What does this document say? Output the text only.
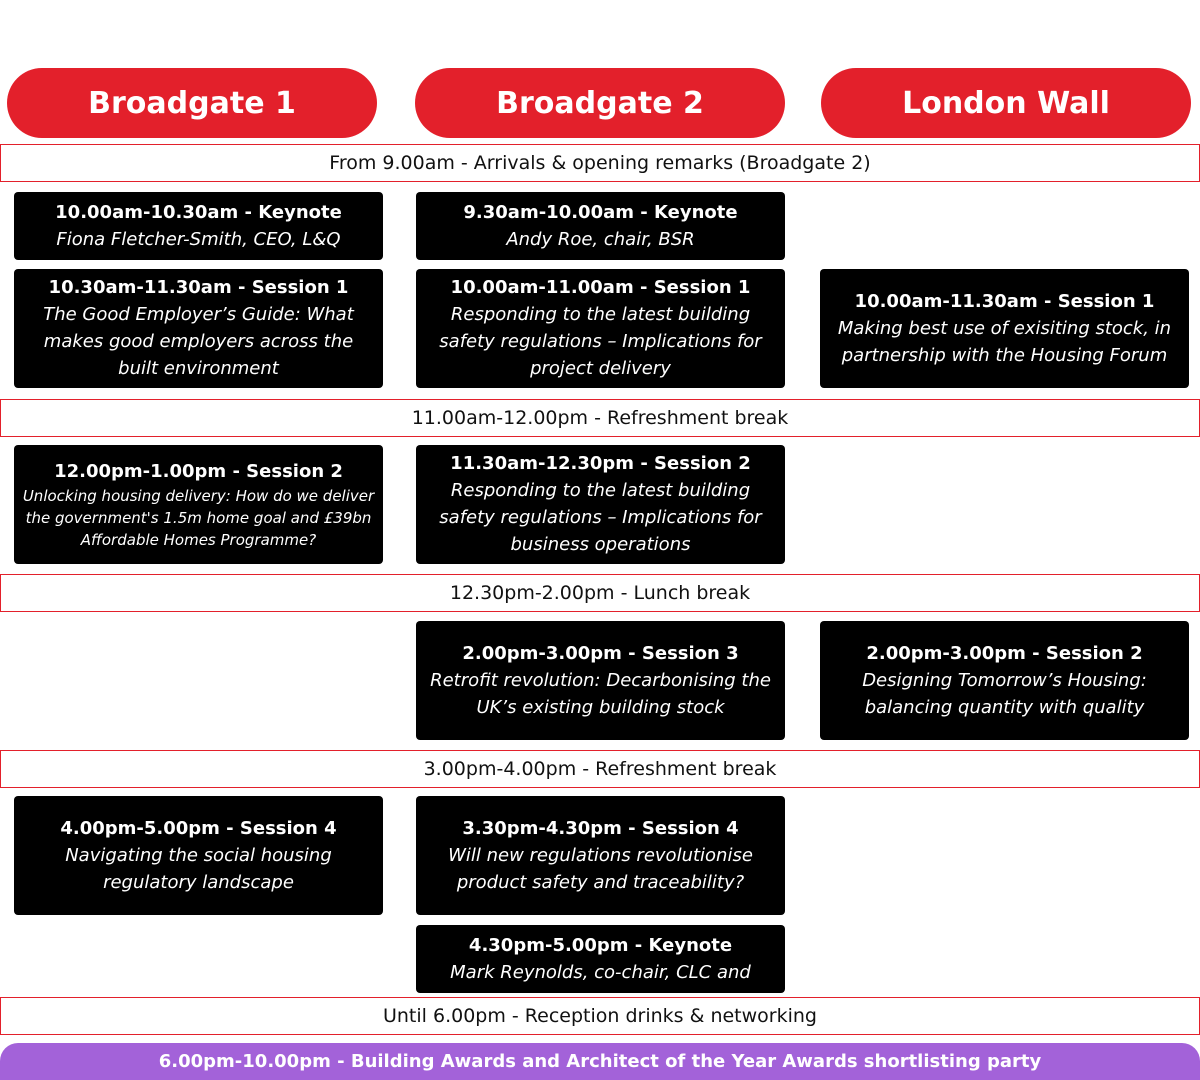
Broadgate 1	Broadgate 2	London Wall
From 9.00am - Arrivals & opening remarks (Broadgate 2)
11.00am-12.00pm - Refreshment break
12.30pm-2.00pm - Lunch break
3.00pm-4.00pm - Refreshment break
Until 6.00pm - Reception drinks & networking
10.00am-10.30am - Keynote
Fiona Fletcher-Smith, CEO, L&Q
10.30am-11.30am - Session 1
The Good Employer’s Guide: What makes good employers across the built environment
12.00pm-1.00pm - Session 2
Unlocking housing delivery: How do we deliver the government's 1.5m home goal and £39bn Affordable Homes Programme?
4.00pm-5.00pm - Session 4
Navigating the social housing regulatory landscape
9.30am-10.00am - Keynote
Andy Roe, chair, BSR
10.00am-11.00am - Session 1
Responding to the latest building safety regulations – Implications for project delivery
11.30am-12.30pm - Session 2
Responding to the latest building safety regulations – Implications for business operations
2.00pm-3.00pm - Session 3
Retrofit revolution: Decarbonising the UK’s existing building stock
3.30pm-4.30pm - Session 4
Will new regulations revolutionise product safety and traceability?
4.30pm-5.00pm - Keynote
Mark Reynolds, co-chair, CLC and
10.00am-11.30am - Session 1
Making best use of exisiting stock, in partnership with the Housing Forum
2.00pm-3.00pm - Session 2
Designing Tomorrow’s Housing: balancing quantity with quality
6.00pm-10.00pm - Building Awards and Architect of the Year Awards shortlisting party
